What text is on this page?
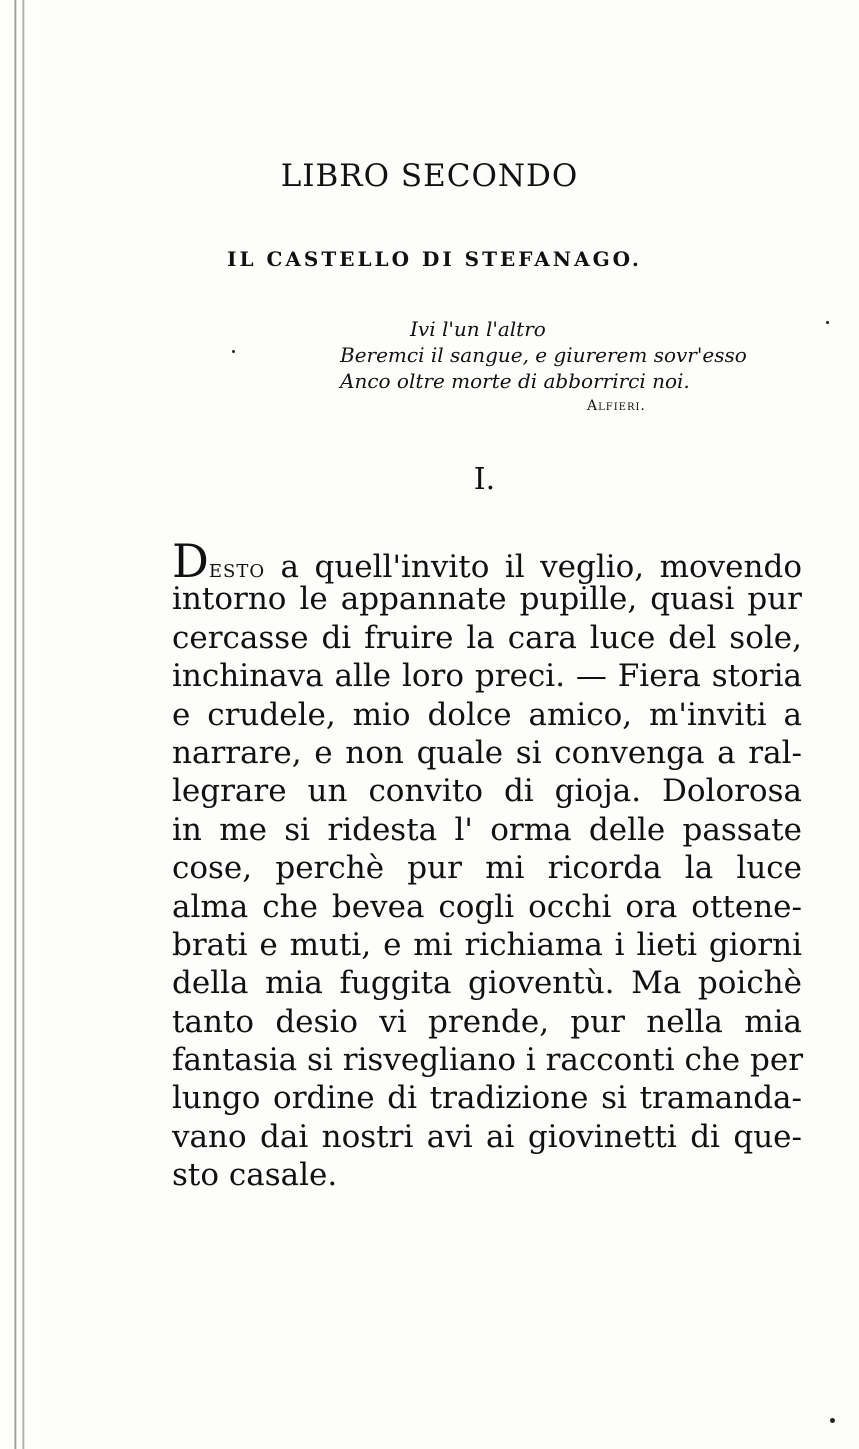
LIBRO SECONDO
IL CASTELLO DI STEFANAGO.
Ivi l'un l'altro
Beremci il sangue, e giurerem sovr'esso
Anco oltre morte di abborrirci noi.
Alfieri.
I.
Desto a quell'invito il veglio, movendo
intorno le appannate pupille, quasi pur
cercasse di fruire la cara luce del sole,
inchinava alle loro preci. — Fiera storia
e crudele, mio dolce amico, m'inviti a
narrare, e non quale si convenga a ral-
legrare un convito di gioja. Dolorosa
in me si ridesta l' orma delle passate
cose, perchè pur mi ricorda la luce
alma che bevea cogli occhi ora ottene-
brati e muti, e mi richiama i lieti giorni
della mia fuggita gioventù. Ma poichè
tanto desio vi prende, pur nella mia
fantasia si risvegliano i racconti che per
lungo ordine di tradizione si tramanda-
vano dai nostri avi ai giovinetti di que-
sto casale.
